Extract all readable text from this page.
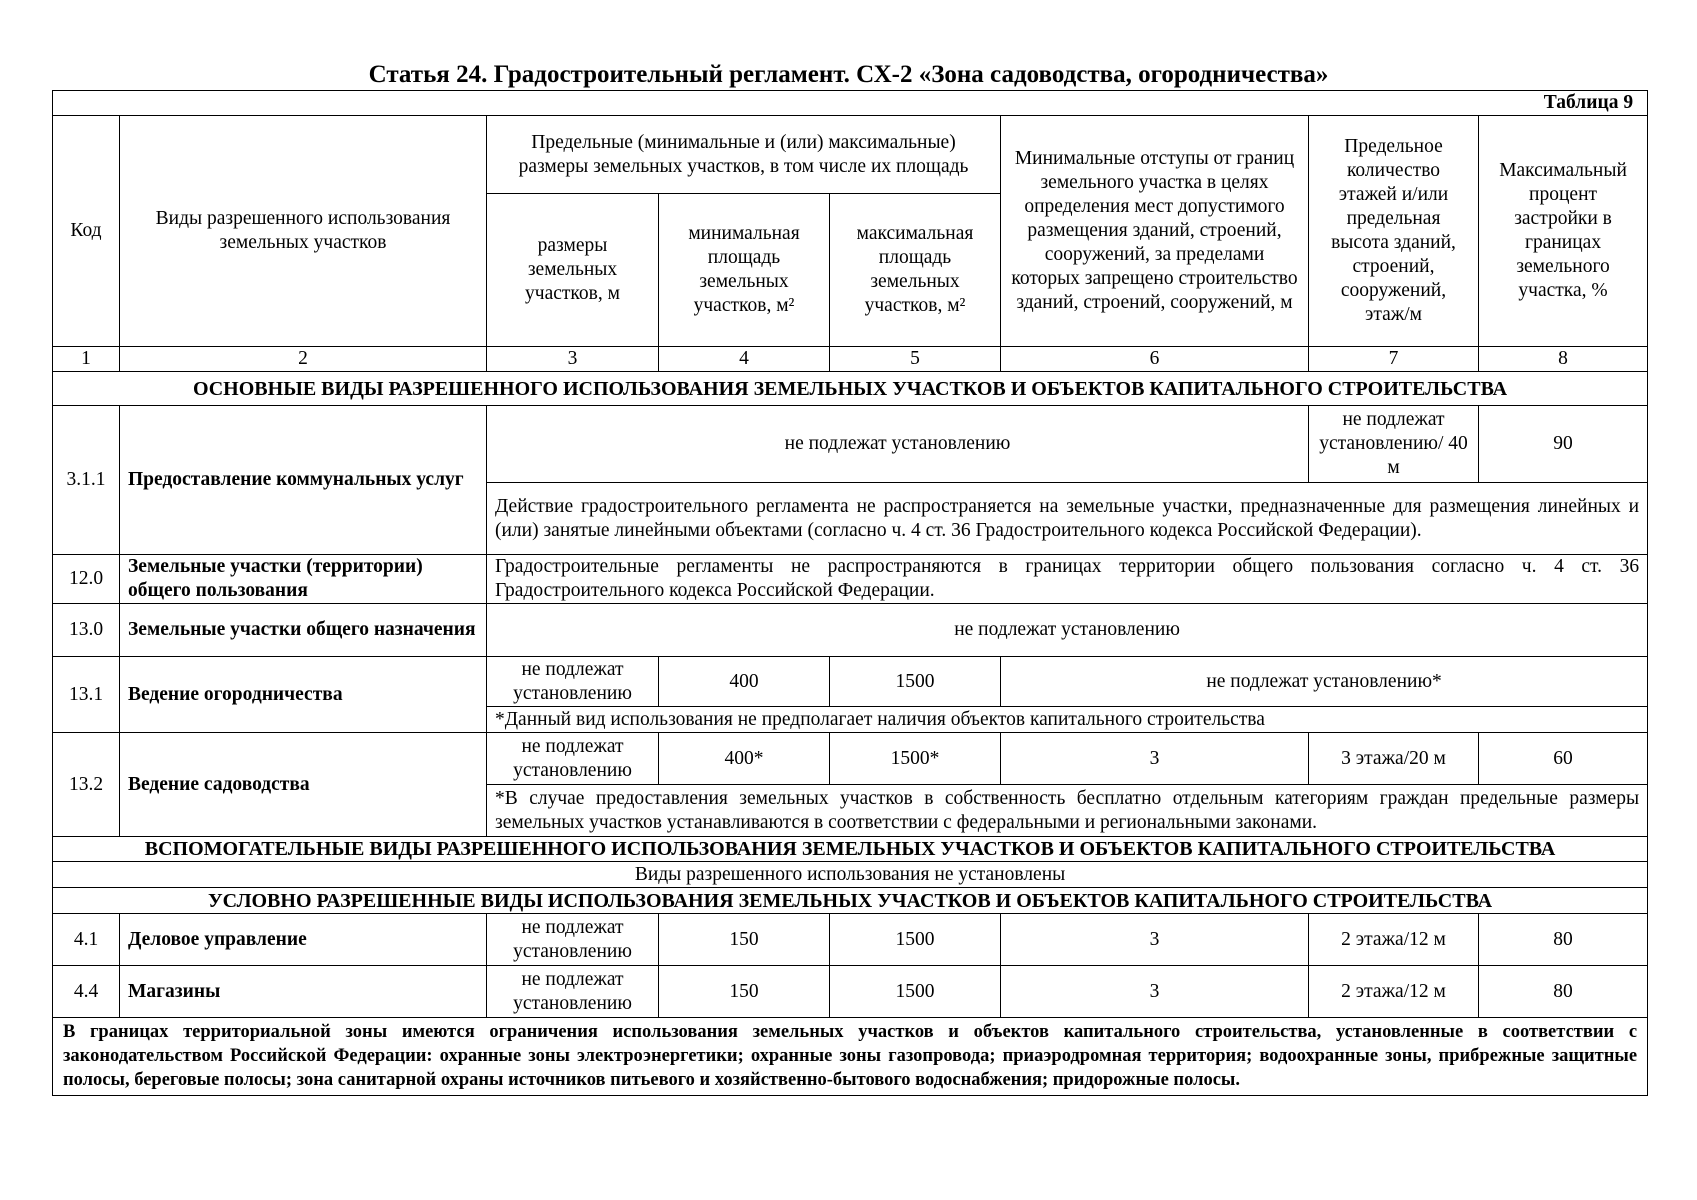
Статья 24. Градостроительный регламент. СХ-2 «Зона садоводства, огородничества»
Таблица 9							
Код	Виды разрешенного использования земельных участков	Предельные (минимальные и (или) максимальные) размеры земельных участков, в том числе их площадь			Минимальные отступы от границ земельного участка в целях определения мест допустимого размещения зданий, строений, сооружений, за пределами которых запрещено строительство зданий, строений, сооружений, м	Предельное количество этажей и/или предельная высота зданий, строений, сооружений, этаж/м	Максимальный процент застройки в границах земельного участка, %
		размеры земельных участков, м	минимальная площадь земельных участков, м²	максимальная площадь земельных участков, м²			
1	2	3	4	5	6	7	8
ОСНОВНЫЕ ВИДЫ РАЗРЕШЕННОГО ИСПОЛЬЗОВАНИЯ ЗЕМЕЛЬНЫХ УЧАСТКОВ И ОБЪЕКТОВ КАПИТАЛЬНОГО СТРОИТЕЛЬСТВА							
3.1.1	Предоставление коммунальных услуг	не подлежат установлению				не подлежат установлению/ 40 м	90
		Действие градостроительного регламента не распространяется на земельные участки, предназначенные для размещения линейных и (или) занятые линейными объектами (согласно ч. 4 ст. 36 Градостроительного кодекса Российской Федерации).					
12.0	Земельные участки (территории) общего пользования	Градостроительные регламенты не распространяются в границах территории общего пользования согласно ч. 4 ст. 36 Градостроительного кодекса Российской Федерации.					
13.0	Земельные участки общего назначения	не подлежат установлению					
13.1	Ведение огородничества	не подлежат установлению	400	1500	не подлежат установлению*		
		*Данный вид использования не предполагает наличия объектов капитального строительства					
13.2	Ведение садоводства	не подлежат установлению	400*	1500*	3	3 этажа/20 м	60
		*В случае предоставления земельных участков в собственность бесплатно отдельным категориям граждан предельные размеры земельных участков устанавливаются в соответствии с федеральными и региональными законами.					
ВСПОМОГАТЕЛЬНЫЕ ВИДЫ РАЗРЕШЕННОГО ИСПОЛЬЗОВАНИЯ ЗЕМЕЛЬНЫХ УЧАСТКОВ И ОБЪЕКТОВ КАПИТАЛЬНОГО СТРОИТЕЛЬСТВА							
Виды разрешенного использования не установлены							
УСЛОВНО РАЗРЕШЕННЫЕ ВИДЫ ИСПОЛЬЗОВАНИЯ ЗЕМЕЛЬНЫХ УЧАСТКОВ И ОБЪЕКТОВ КАПИТАЛЬНОГО СТРОИТЕЛЬСТВА							
4.1	Деловое управление	не подлежат установлению	150	1500	3	2 этажа/12 м	80
4.4	Магазины	не подлежат установлению	150	1500	3	2 этажа/12 м	80
В границах территориальной зоны имеются ограничения использования земельных участков и объектов капитального строительства, установленные в соответствии с законодательством Российской Федерации: охранные зоны электроэнергетики; охранные зоны газопровода; приаэродромная территория; водоохранные зоны, прибрежные защитные полосы, береговые полосы; зона санитарной охраны источников питьевого и хозяйственно-бытового водоснабжения; придорожные полосы.							
